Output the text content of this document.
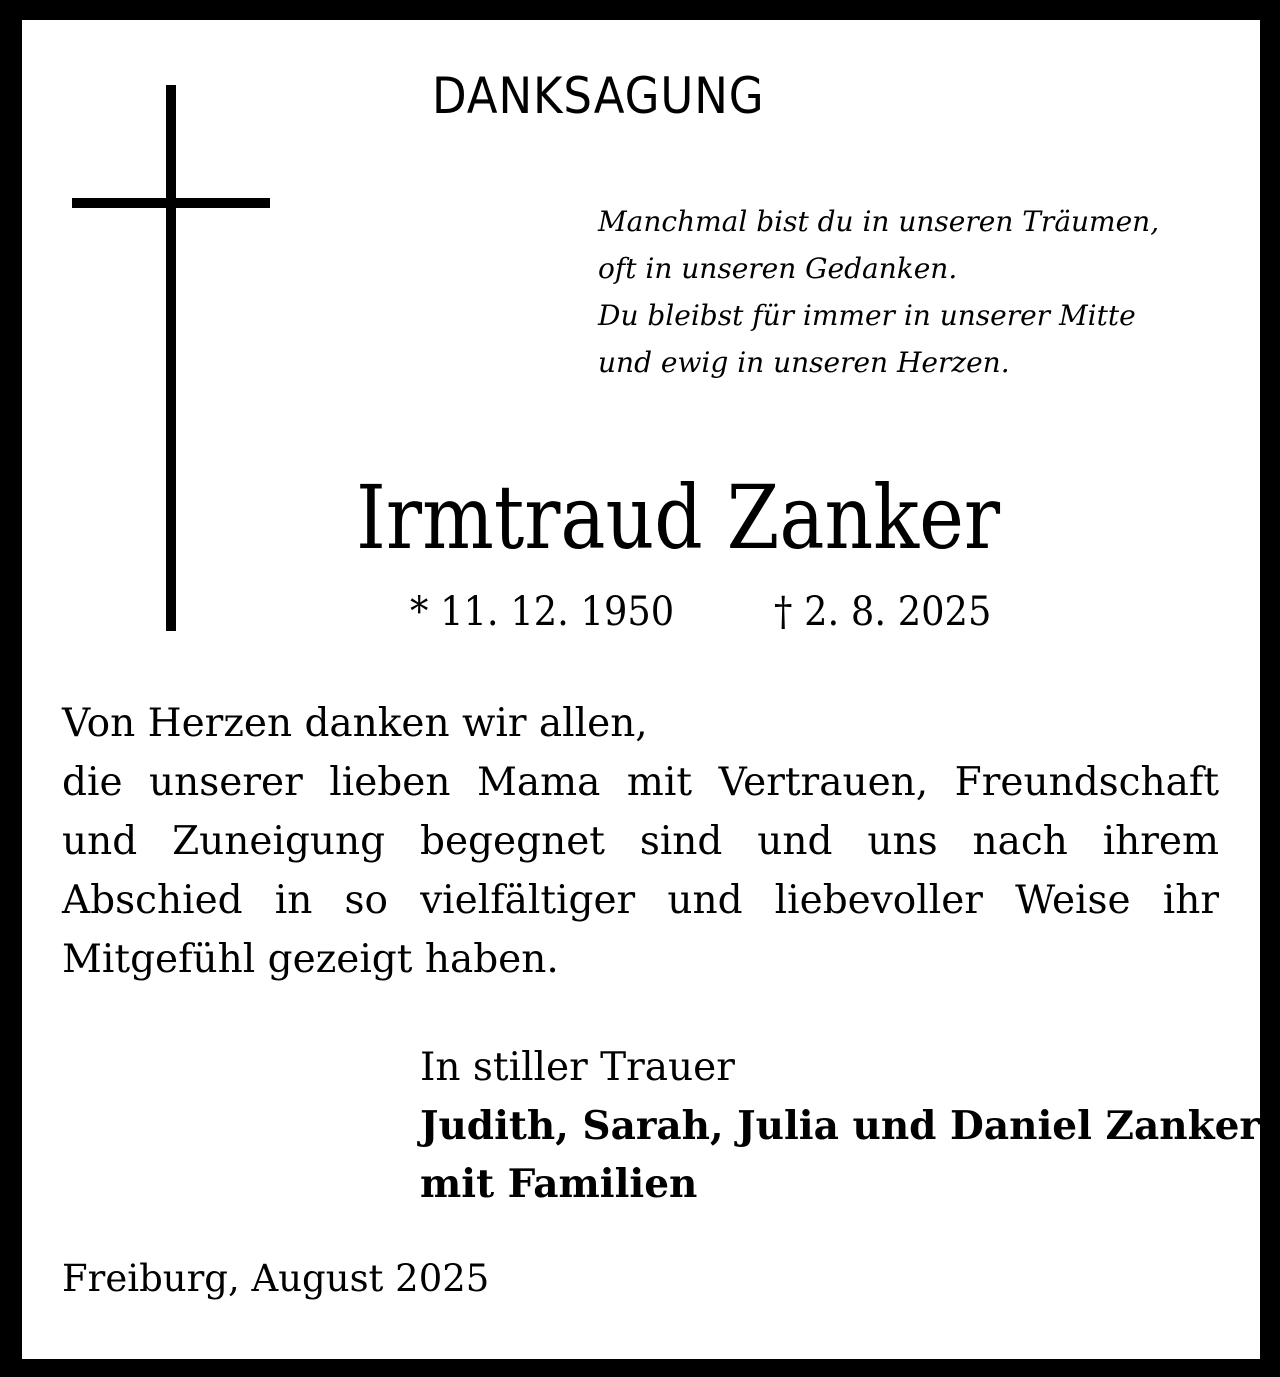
DANKSAGUNG
Manchmal bist du in unseren Träumen,
oft in unseren Gedanken.
Du bleibst für immer in unserer Mitte
und ewig in unseren Herzen.
Irmtraud Zanker
* 11. 12. 1950 † 2. 8. 2025
Von Herzen danken wir allen,
die unserer lieben Mama mit Vertrauen, Freundschaft und Zuneigung begegnet sind und uns nach ihrem Abschied in so vielfältiger und liebevoller Weise ihr Mitgefühl gezeigt haben.
In stiller Trauer
Judith, Sarah, Julia und Daniel Zanker
mit Familien
Freiburg, August 2025
